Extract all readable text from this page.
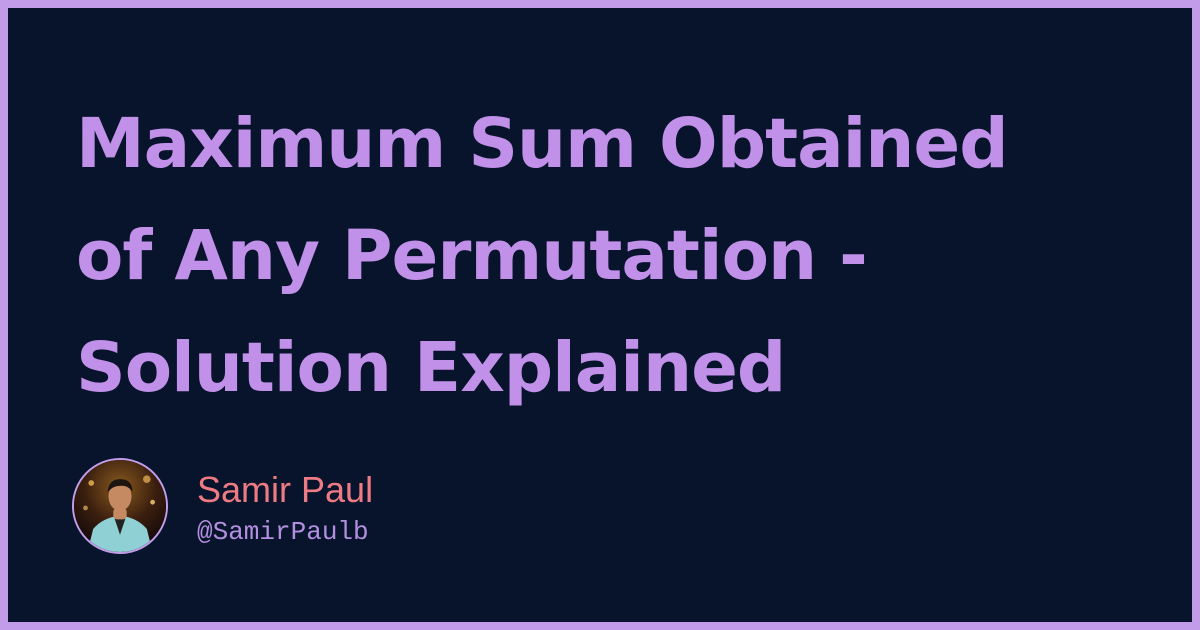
Maximum Sum Obtained
of Any Permutation -
Solution Explained
Samir Paul
@SamirPaulb
